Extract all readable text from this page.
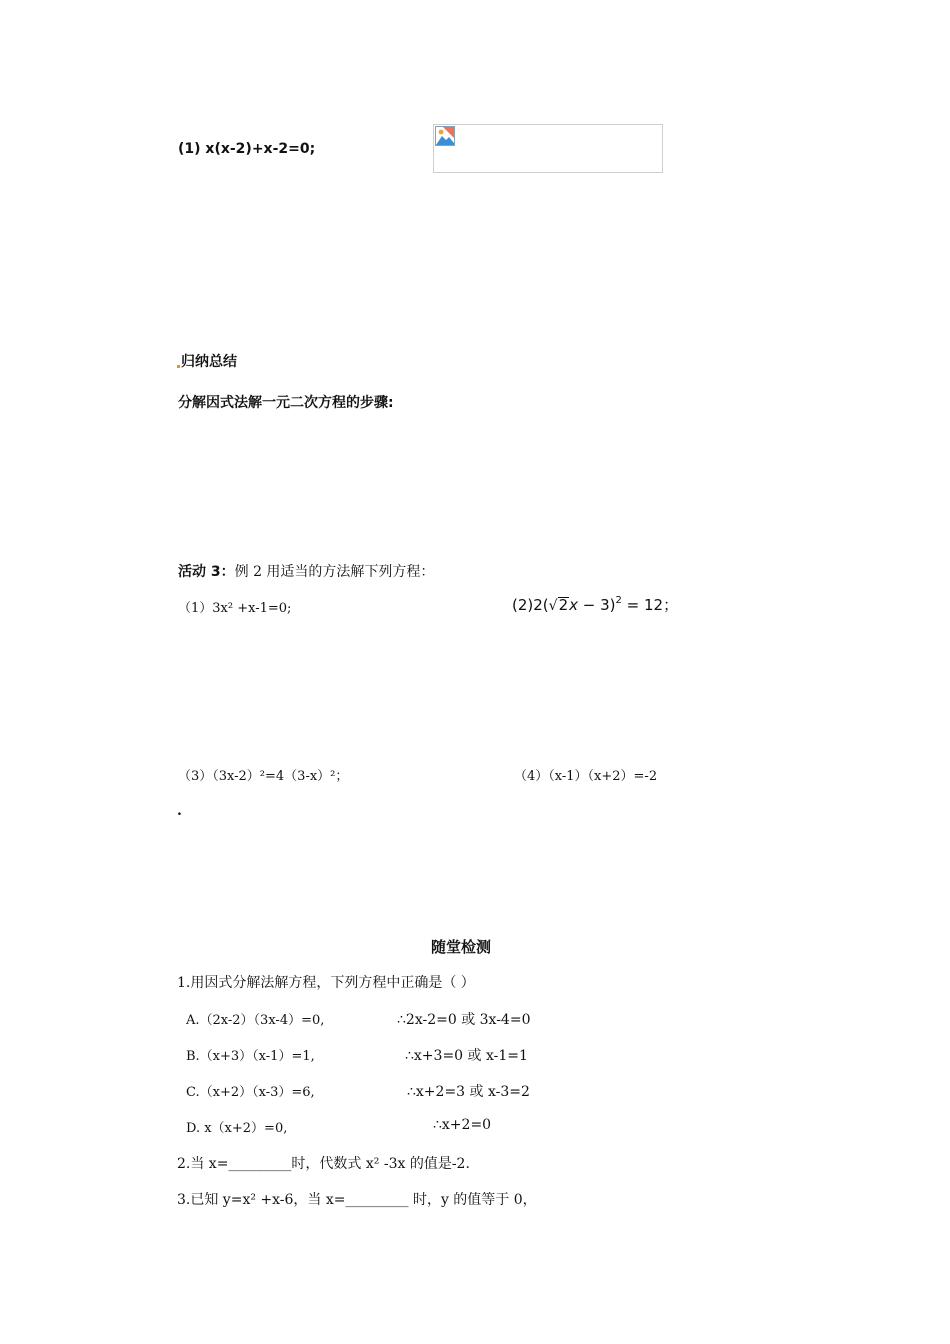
(1) x(x-2)+x-2=0;
归纳总结
分解因式法解一元二次方程的步骤:
活动 3：例 2 用适当的方法解下列方程：
（1）3x² +x-1=0;	$(2)2(√2x - 3)^2 = 12$；
（3）（3x-2）²=4（3-x）²；	（4）（x-1）（x+2）=-2
.
随堂检测
1.用因式分解法解方程，下列方程中正确是（ ）
A.（2x-2）（3x-4）=0,	∴2x-2=0 或 3x-4=0
B.（x+3）（x-1）=1,	∴x+3=0 或 x-1=1
C.（x+2）（x-3）=6,	∴x+2=3 或 x-3=2
D. x（x+2）=0,	∴x+2=0
2.当 x=_________时，代数式 x² -3x 的值是-2.
3.已知 y=x² +x-6，当 x=_________ 时，y 的值等于 0，
